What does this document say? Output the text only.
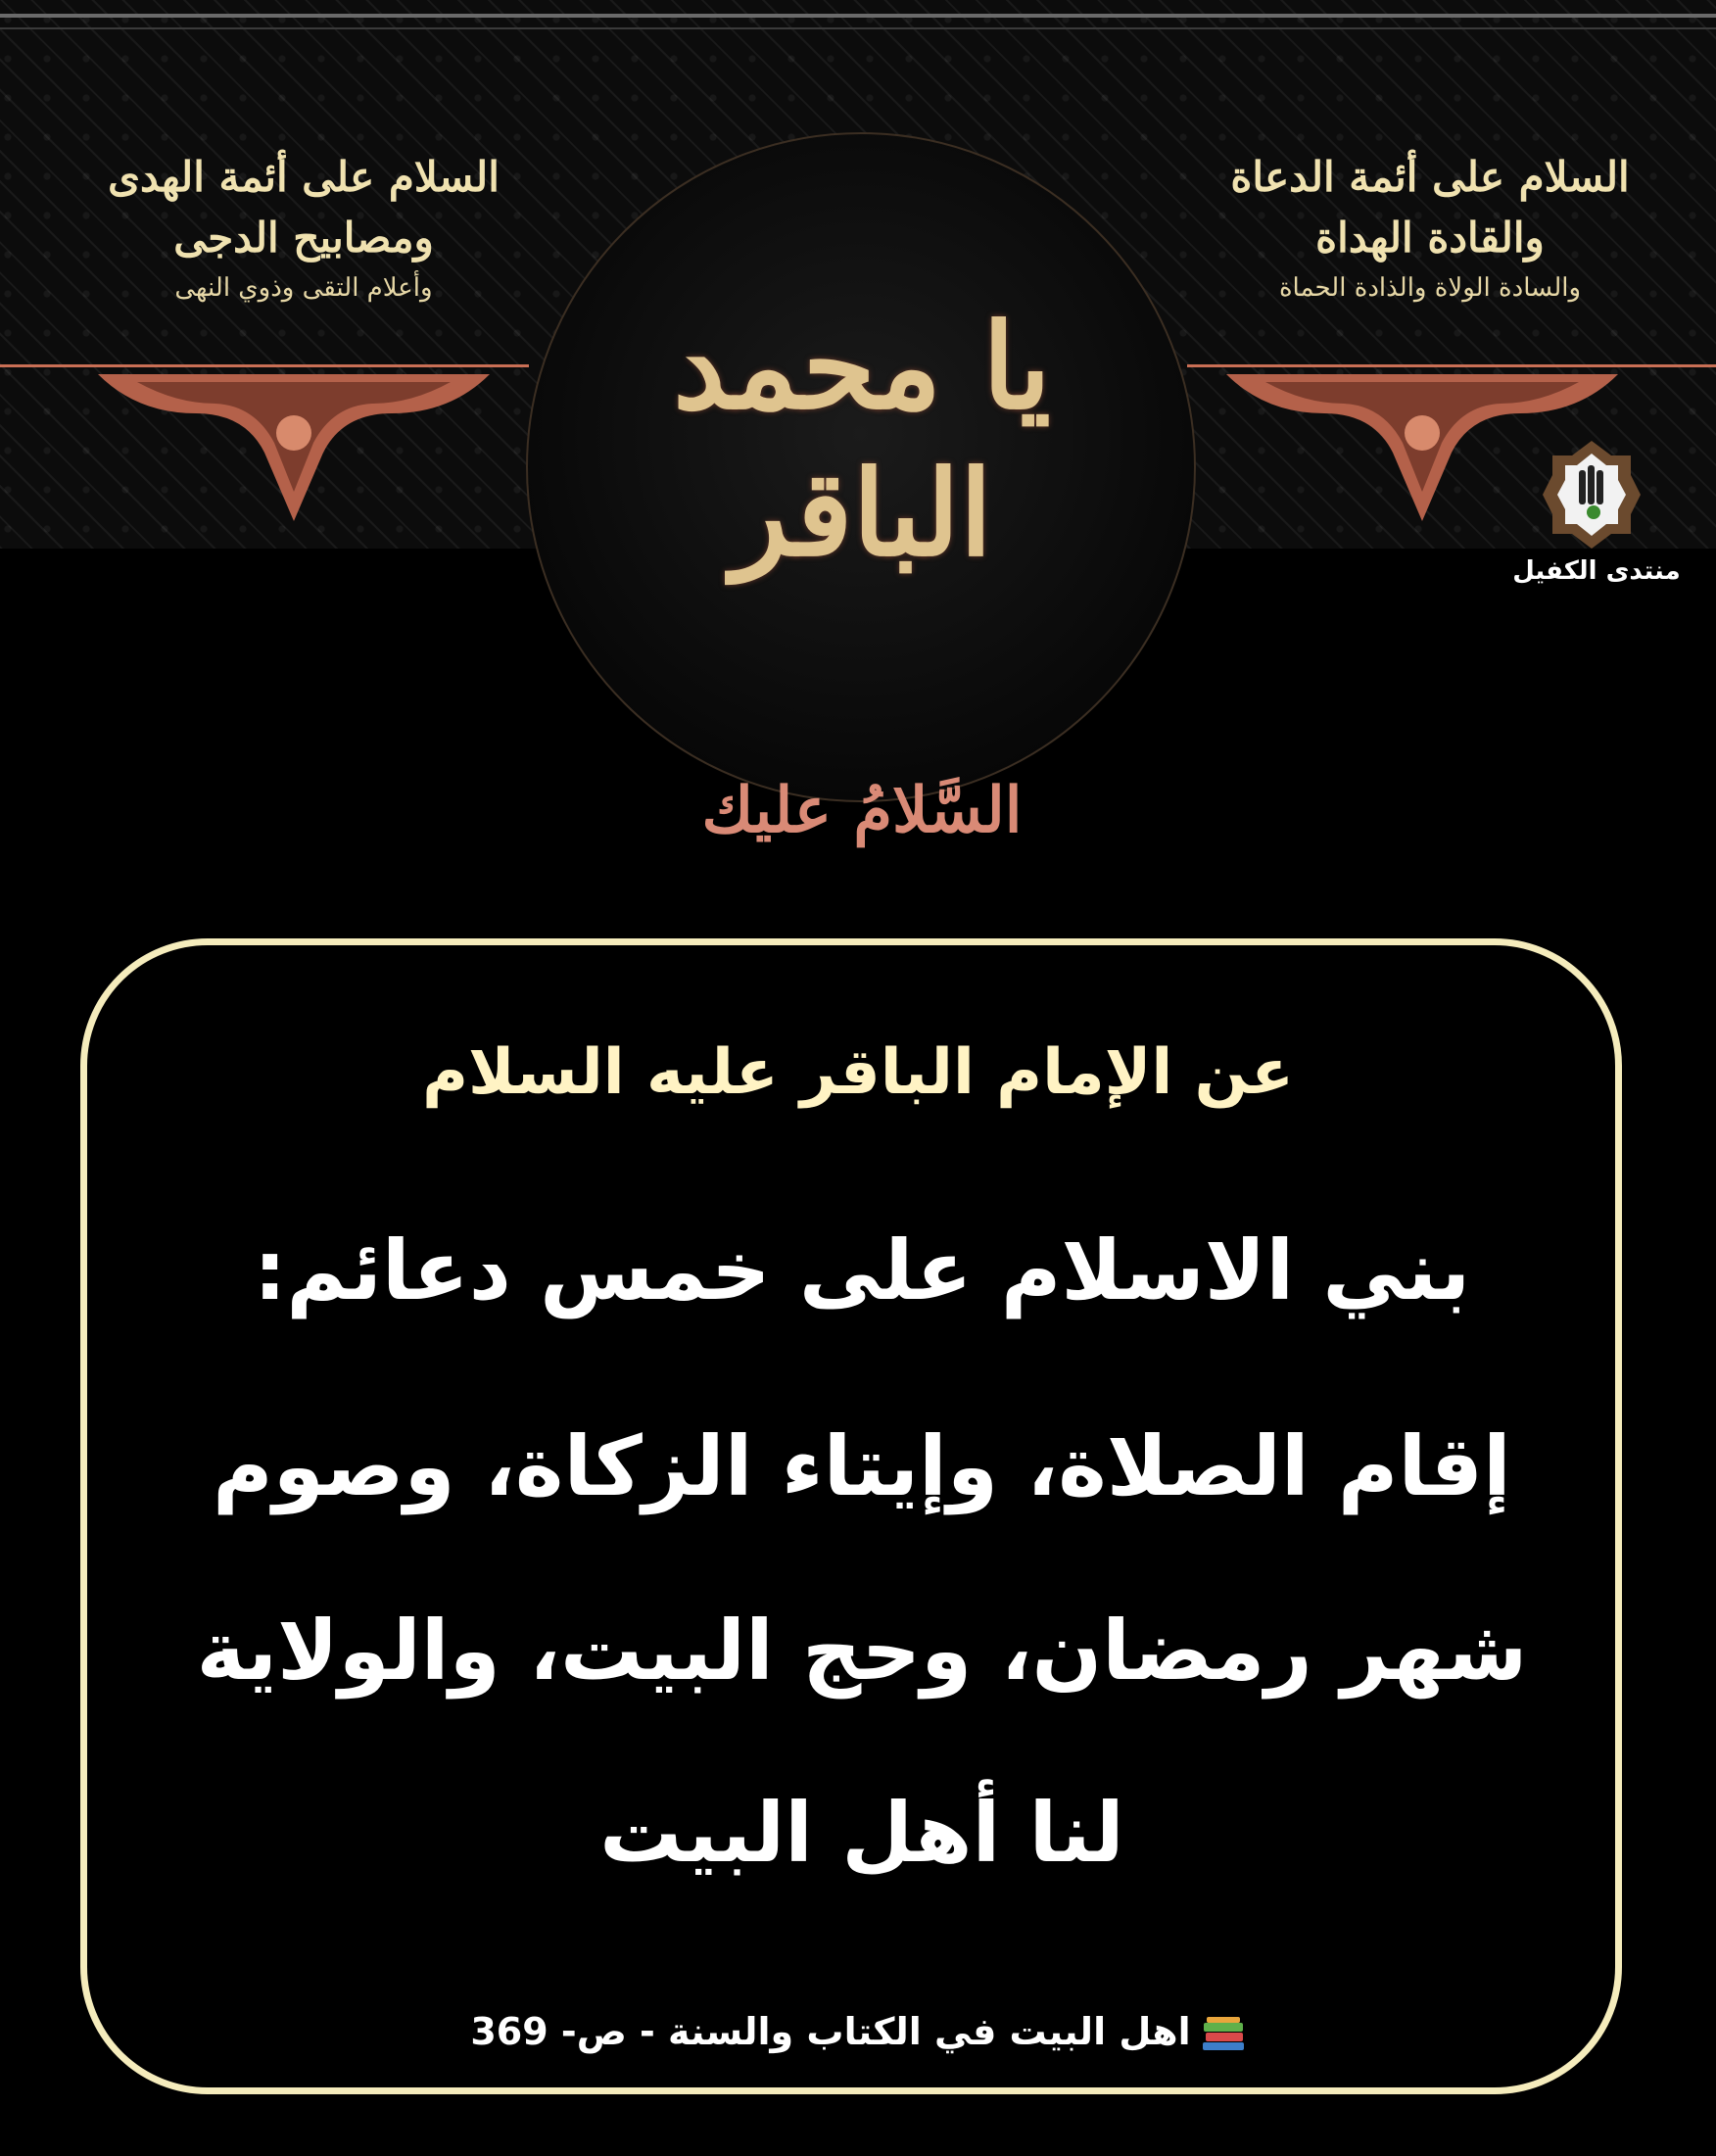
السلام على أئمة الدعاة والقادة الهداة
والسادة الولاة والذادة الحماة
السلام على أئمة الهدى ومصابيح الدجى
وأعلام التقى وذوي النهى
يا محمد الباقر
السَّلامُ عليك
منتدى الكفيل
عن الإمام الباقر عليه السلام
بني الاسلام على خمس دعائم:
إقام الصلاة، وإيتاء الزكاة، وصوم
شهر رمضان، وحج البيت، والولاية
لنا أهل البيت
اهل البيت في الكتاب والسنة - ص- 369
